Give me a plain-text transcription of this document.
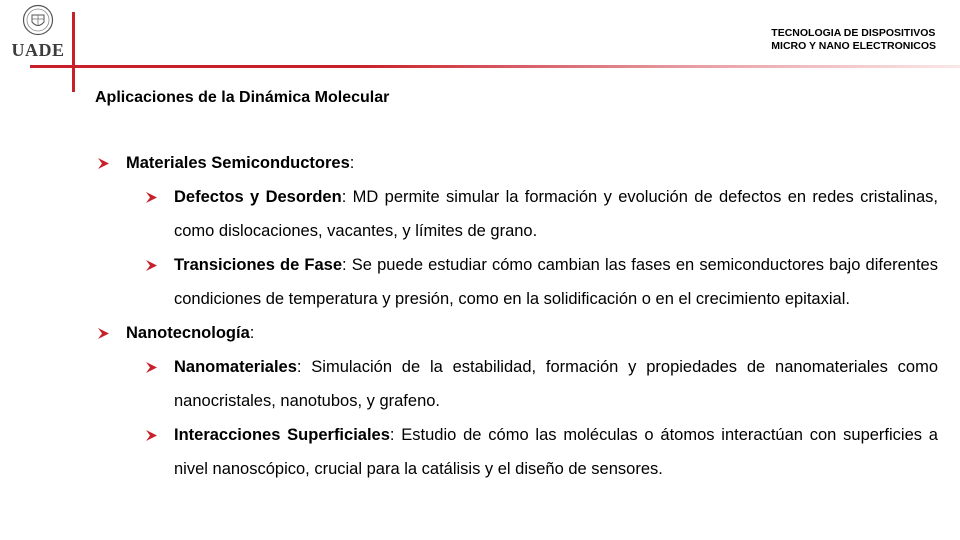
UADE
TECNOLOGIA DE DISPOSITIVOS
MICRO Y NANO ELECTRONICOS
Aplicaciones de la Dinámica Molecular
Materiales Semiconductores:
Defectos y Desorden: MD permite simular la formación y evolución de defectos en redes cristalinas, como dislocaciones, vacantes, y límites de grano.
Transiciones de Fase: Se puede estudiar cómo cambian las fases en semiconductores bajo diferentes condiciones de temperatura y presión, como en la solidificación o en el crecimiento epitaxial.
Nanotecnología:
Nanomateriales: Simulación de la estabilidad, formación y propiedades de nanomateriales como nanocristales, nanotubos, y grafeno.
Interacciones Superficiales: Estudio de cómo las moléculas o átomos interactúan con superficies a nivel nanoscópico, crucial para la catálisis y el diseño de sensores.
